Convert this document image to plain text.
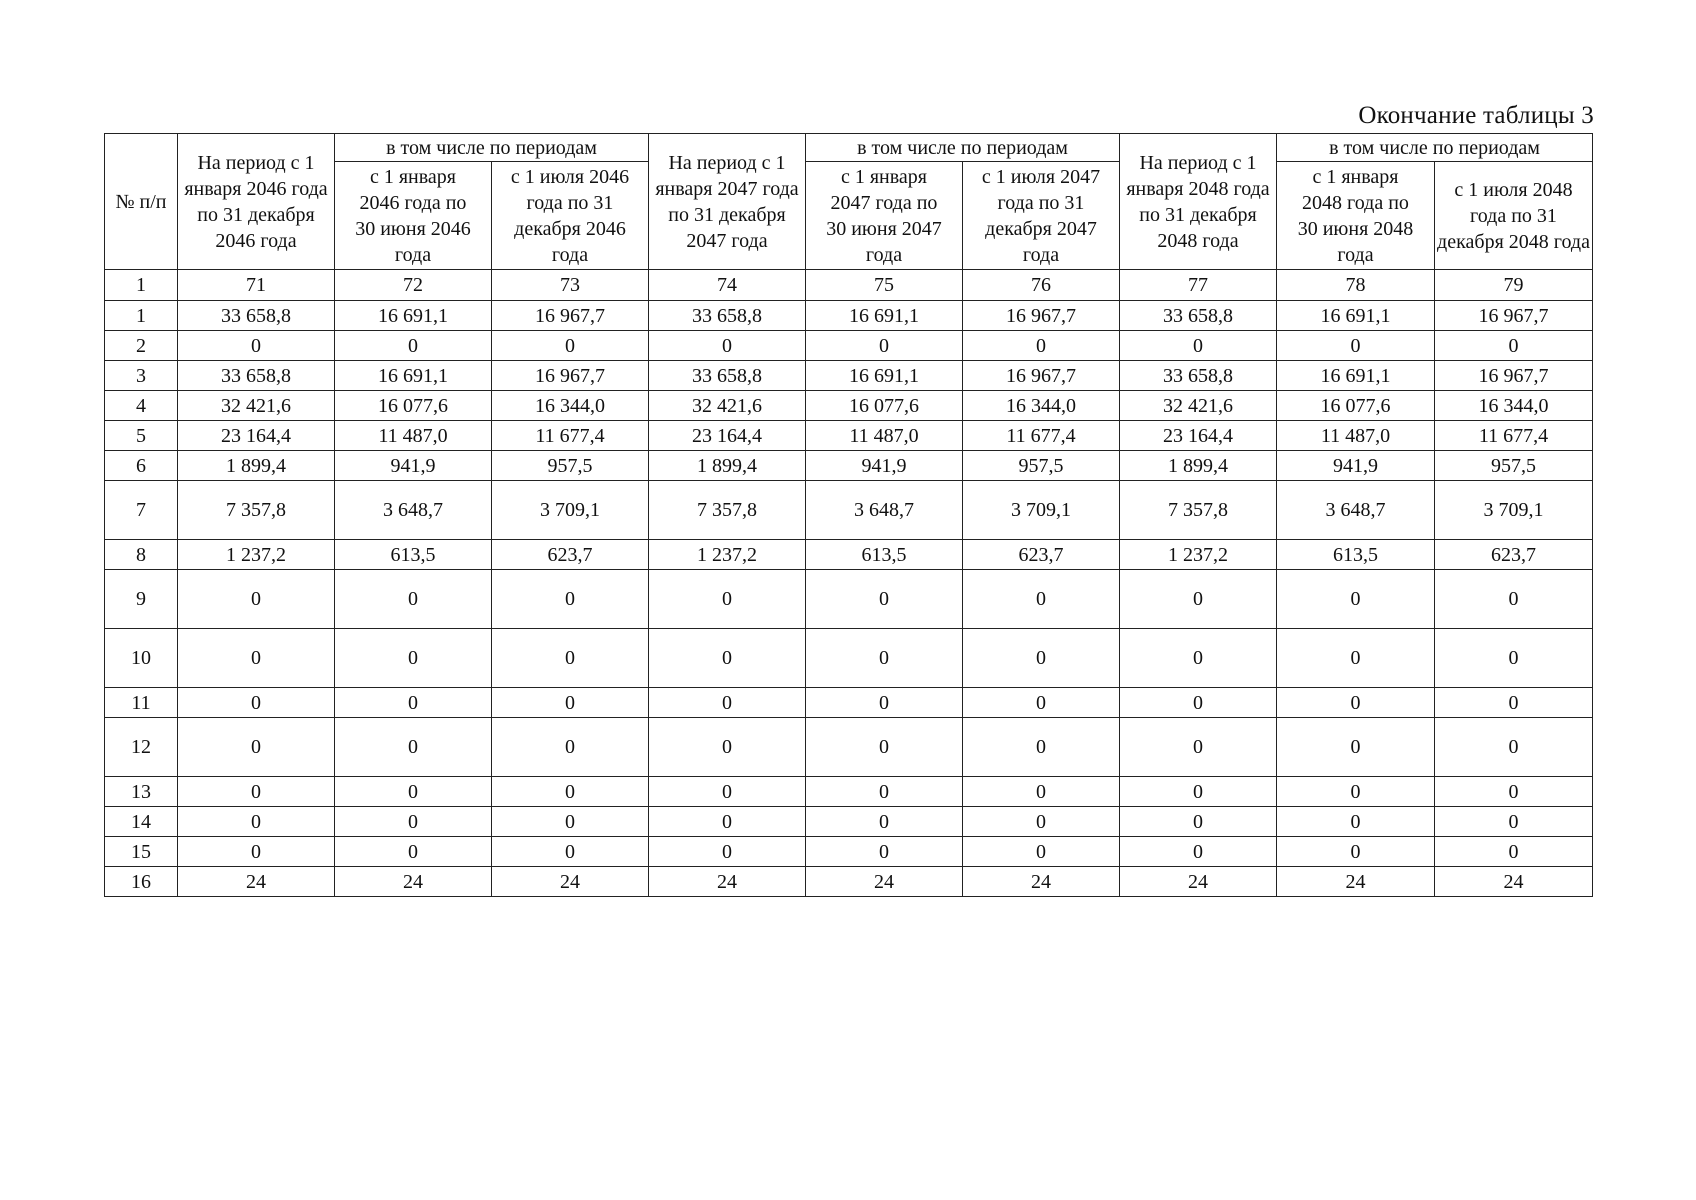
Окончание таблицы 3
№ п/п	На период с 1 января 2046 года по 31 декабря 2046 года	в том числе по периодам		На период с 1 января 2047 года по 31 декабря 2047 года	в том числе по периодам		На период с 1 января 2048 года по 31 декабря 2048 года	в том числе по периодам	
		с 1 января 2046 года по 30 июня 2046 года	с 1 июля 2046 года по 31 декабря 2046 года		с 1 января 2047 года по 30 июня 2047 года	с 1 июля 2047 года по 31 декабря 2047 года		с 1 января 2048 года по 30 июня 2048 года	с 1 июля 2048 года по 31 декабря 2048 года
1	71	72	73	74	75	76	77	78	79
1	33 658,8	16 691,1	16 967,7	33 658,8	16 691,1	16 967,7	33 658,8	16 691,1	16 967,7
2	0	0	0	0	0	0	0	0	0
3	33 658,8	16 691,1	16 967,7	33 658,8	16 691,1	16 967,7	33 658,8	16 691,1	16 967,7
4	32 421,6	16 077,6	16 344,0	32 421,6	16 077,6	16 344,0	32 421,6	16 077,6	16 344,0
5	23 164,4	11 487,0	11 677,4	23 164,4	11 487,0	11 677,4	23 164,4	11 487,0	11 677,4
6	1 899,4	941,9	957,5	1 899,4	941,9	957,5	1 899,4	941,9	957,5
7	7 357,8	3 648,7	3 709,1	7 357,8	3 648,7	3 709,1	7 357,8	3 648,7	3 709,1
8	1 237,2	613,5	623,7	1 237,2	613,5	623,7	1 237,2	613,5	623,7
9	0	0	0	0	0	0	0	0	0
10	0	0	0	0	0	0	0	0	0
11	0	0	0	0	0	0	0	0	0
12	0	0	0	0	0	0	0	0	0
13	0	0	0	0	0	0	0	0	0
14	0	0	0	0	0	0	0	0	0
15	0	0	0	0	0	0	0	0	0
16	24	24	24	24	24	24	24	24	24
